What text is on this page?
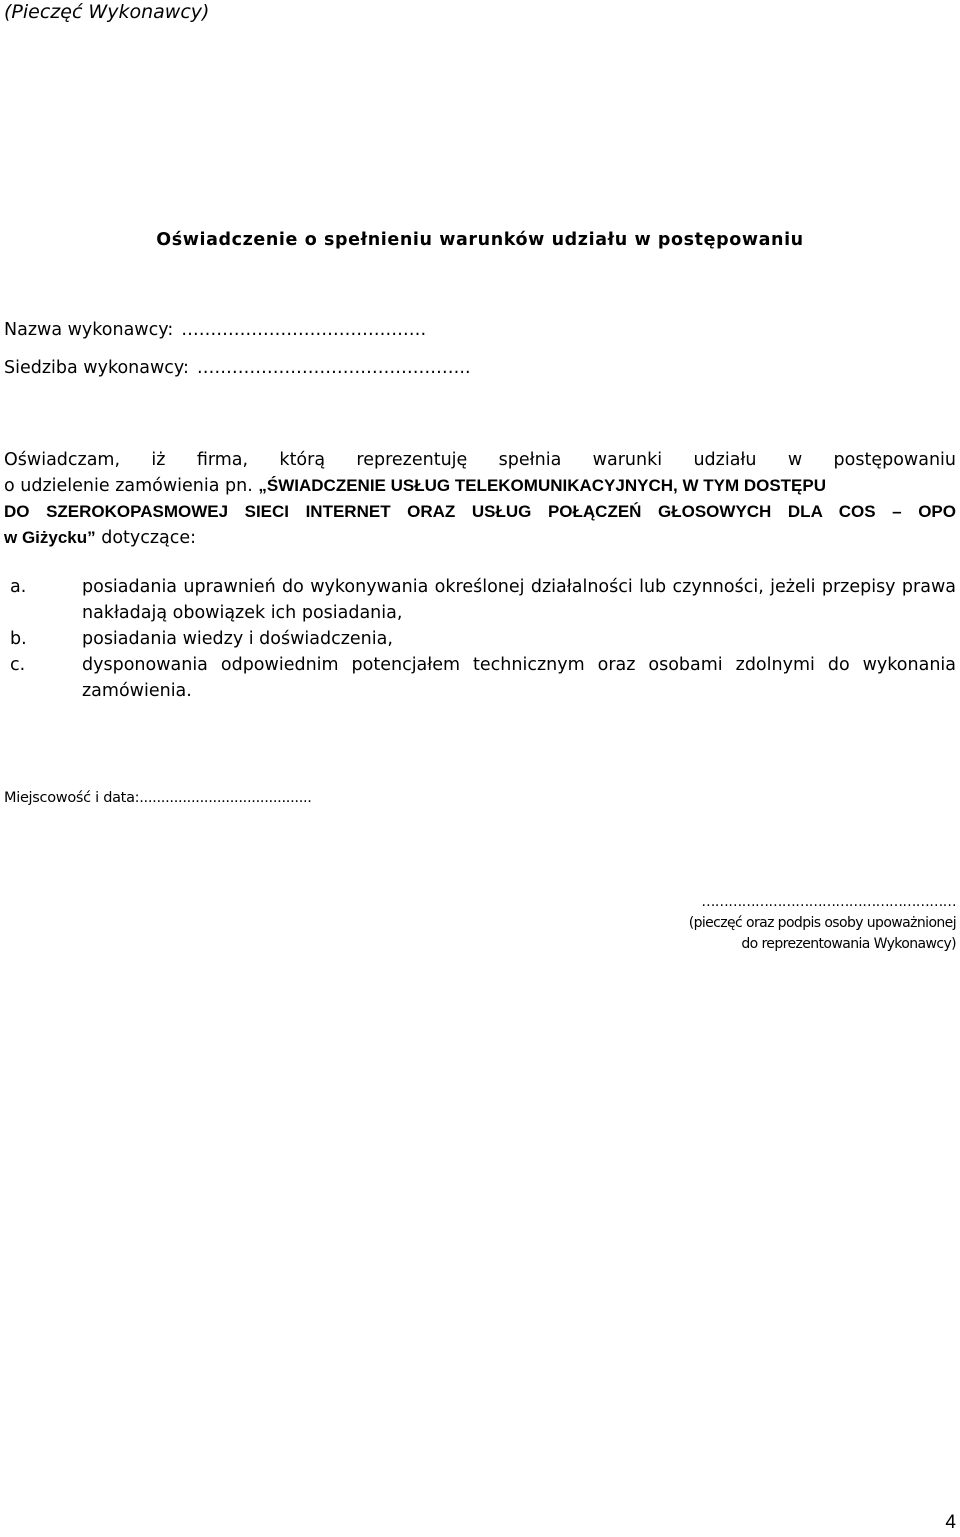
(Pieczęć Wykonawcy)
Oświadczenie o spełnieniu warunków udziału w postępowaniu
Nazwa wykonawcy: ……………………………………
Siedziba wykonawcy: ………………………………………..
Oświadczam, iż firma, którą reprezentuję spełnia warunki udziału w postępowaniu
o udzielenie zamówienia pn. „ŚWIADCZENIE USŁUG TELEKOMUNIKACYJNYCH, W TYM DOSTĘPU
DO SZEROKOPASMOWEJ SIECI INTERNET ORAZ USŁUG POŁĄCZEŃ GŁOSOWYCH DLA COS – OPO
w Giżycku” dotyczące:
a.	posiadania uprawnień do wykonywania określonej działalności lub czynności, jeżeli przepisy prawa nakładają obowiązek ich posiadania,
b.	posiadania wiedzy i doświadczenia,
c.	dysponowania odpowiednim potencjałem technicznym oraz osobami zdolnymi do wykonania zamówienia.
Miejscowość i data:........................................
…………………………………………………
(pieczęć oraz podpis osoby upoważnionej
do reprezentowania Wykonawcy)
4
